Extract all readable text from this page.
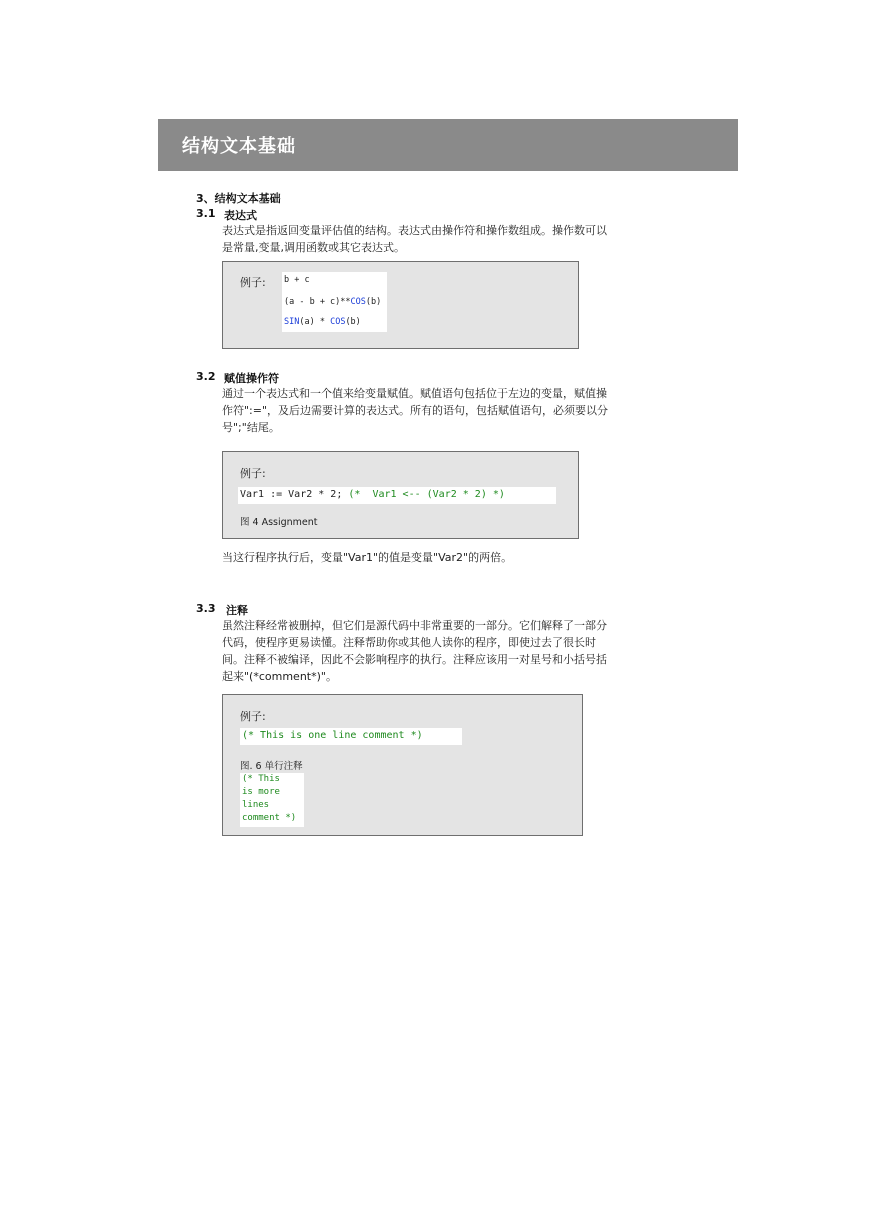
结构文本基础
3、结构文本基础
3.1 表达式
表达式是指返回变量评估值的结构。表达式由操作符和操作数组成。操作数可以
是常量,变量,调用函数或其它表达式。
例子: b + c
(a - b + c)**COS(b)
SIN(a) * COS(b)
3.2 赋值操作符
通过一个表达式和一个值来给变量赋值。赋值语句包括位于左边的变量，赋值操
作符":="，及后边需要计算的表达式。所有的语句，包括赋值语句，必须要以分
号";"结尾。
例子:
Var1 := Var2 * 2; (*  Var1 <-- (Var2 * 2) *)
图 4 Assignment
当这行程序执行后，变量"Var1"的值是变量"Var2"的两倍。
3.3 注释
虽然注释经常被删掉，但它们是源代码中非常重要的一部分。它们解释了一部分
代码，使程序更易读懂。注释帮助你或其他人读你的程序，即使过去了很长时
间。注释不被编译，因此不会影响程序的执行。注释应该用一对星号和小括号括
起来"(*comment*)"。
例子:
(* This is one line comment *)
图. 6 单行注释
(* This
is more
lines
comment *)
